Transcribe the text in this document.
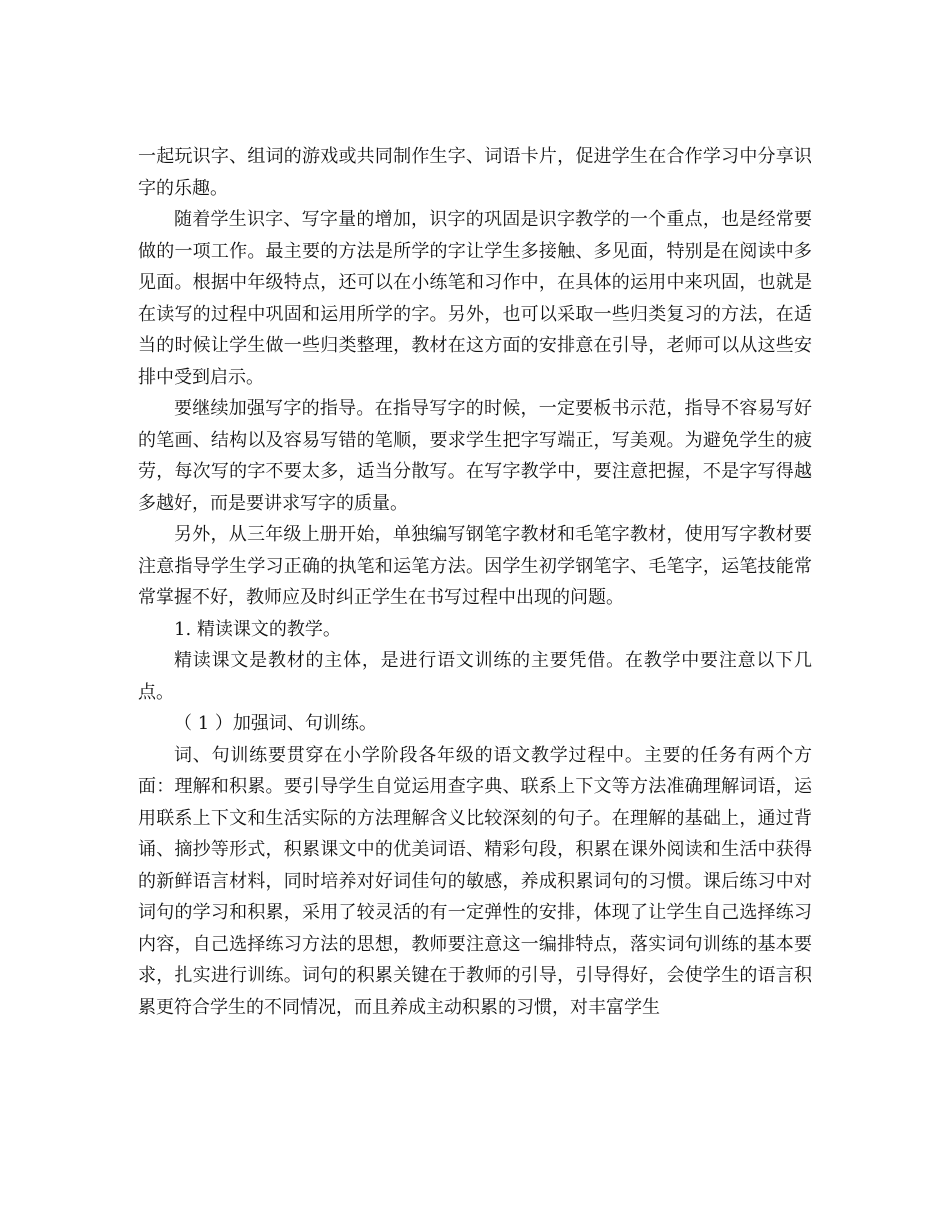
一起玩识字、组词的游戏或共同制作生字、词语卡片，促进学生在合作学习中分享识字的乐趣。

随着学生识字、写字量的增加，识字的巩固是识字教学的一个重点，也是经常要做的一项工作。最主要的方法是所学的字让学生多接触、多见面，特别是在阅读中多见面。根据中年级特点，还可以在小练笔和习作中，在具体的运用中来巩固，也就是在读写的过程中巩固和运用所学的字。另外，也可以采取一些归类复习的方法，在适当的时候让学生做一些归类整理，教材在这方面的安排意在引导，老师可以从这些安排中受到启示。

要继续加强写字的指导。在指导写字的时候，一定要板书示范，指导不容易写好的笔画、结构以及容易写错的笔顺，要求学生把字写端正，写美观。为避免学生的疲劳，每次写的字不要太多，适当分散写。在写字教学中，要注意把握，不是字写得越多越好，而是要讲求写字的质量。

另外，从三年级上册开始，单独编写钢笔字教材和毛笔字教材，使用写字教材要注意指导学生学习正确的执笔和运笔方法。因学生初学钢笔字、毛笔字，运笔技能常常掌握不好，教师应及时纠正学生在书写过程中出现的问题。

1. 精读课文的教学。

精读课文是教材的主体，是进行语文训练的主要凭借。在教学中要注意以下几点。

（ 1 ）加强词、句训练。

词、句训练要贯穿在小学阶段各年级的语文教学过程中。主要的任务有两个方面：理解和积累。要引导学生自觉运用查字典、联系上下文等方法准确理解词语，运用联系上下文和生活实际的方法理解含义比较深刻的句子。在理解的基础上，通过背诵、摘抄等形式，积累课文中的优美词语、精彩句段，积累在课外阅读和生活中获得的新鲜语言材料，同时培养对好词佳句的敏感，养成积累词句的习惯。课后练习中对词句的学习和积累，采用了较灵活的有一定弹性的安排，体现了让学生自己选择练习内容，自己选择练习方法的思想，教师要注意这一编排特点，落实词句训练的基本要求，扎实进行训练。词句的积累关键在于教师的引导，引导得好，会使学生的语言积累更符合学生的不同情况，而且养成主动积累的习惯，对丰富学生
